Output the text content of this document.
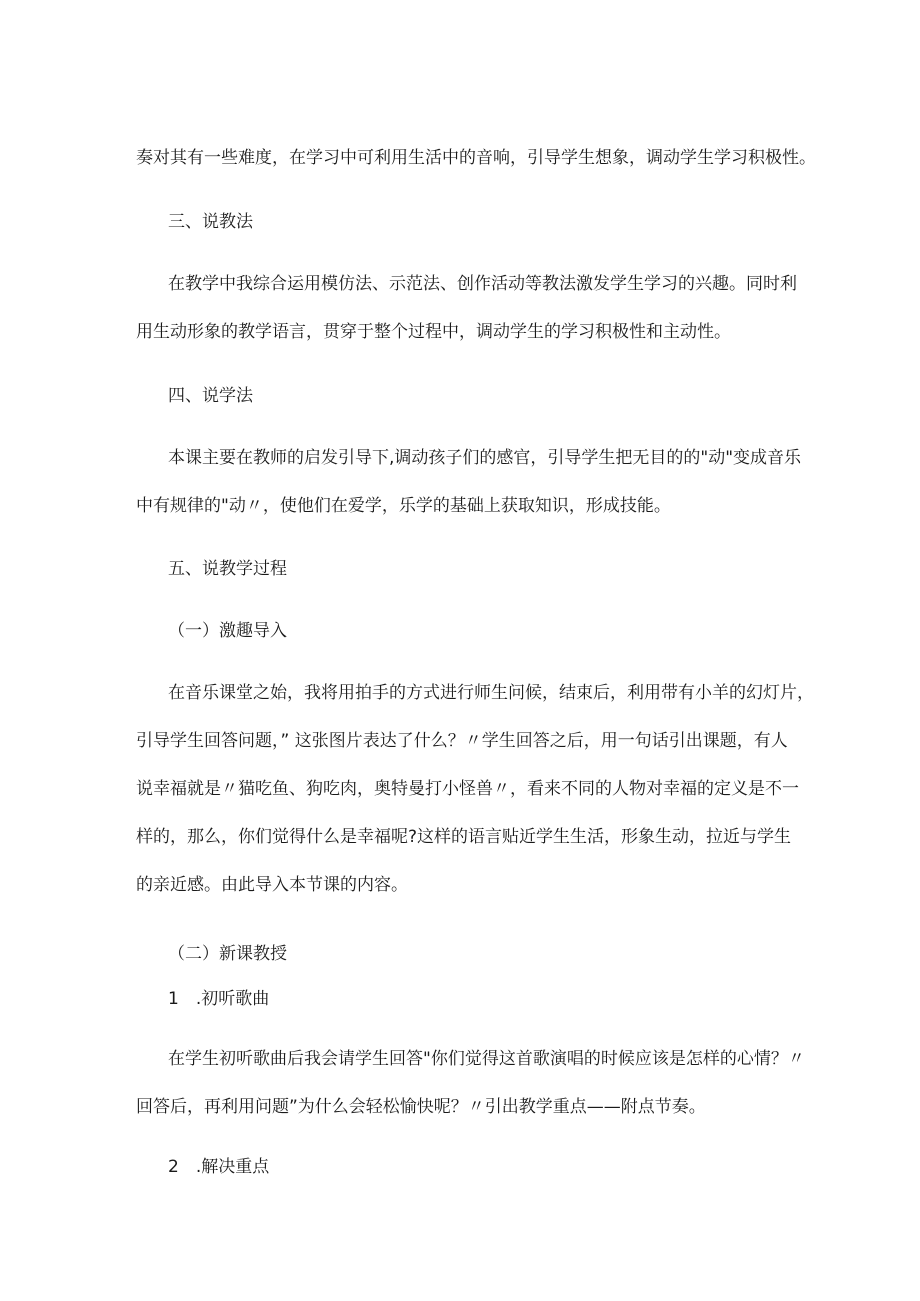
奏对其有一些难度，在学习中可利用生活中的音响，引导学生想象，调动学生学习积极性。
三、说教法
在教学中我综合运用模仿法、示范法、创作活动等教法激发学生学习的兴趣。同时利
用生动形象的教学语言，贯穿于整个过程中，调动学生的学习积极性和主动性。
四、说学法
本课主要在教师的启发引导下,调动孩子们的感官，引导学生把无目的的"动"变成音乐
中有规律的"动〃，使他们在爱学，乐学的基础上获取知识，形成技能。
五、说教学过程
（一）激趣导入
在音乐课堂之始，我将用拍手的方式进行师生问候，结束后，利用带有小羊的幻灯片，
引导学生回答问题，” 这张图片表达了什么？〃学生回答之后，用一句话引出课题，有人
说幸福就是〃猫吃鱼、狗吃肉，奥特曼打小怪兽〃，看来不同的人物对幸福的定义是不一
样的，那么，你们觉得什么是幸福呢?这样的语言贴近学生生活，形象生动，拉近与学生
的亲近感。由此导入本节课的内容。
（二）新课教授
1　.初听歌曲
在学生初听歌曲后我会请学生回答"你们觉得这首歌演唱的时候应该是怎样的心情？〃
回答后，再利用问题”为什么会轻松愉快呢？〃引出教学重点——附点节奏。
2　.解决重点
